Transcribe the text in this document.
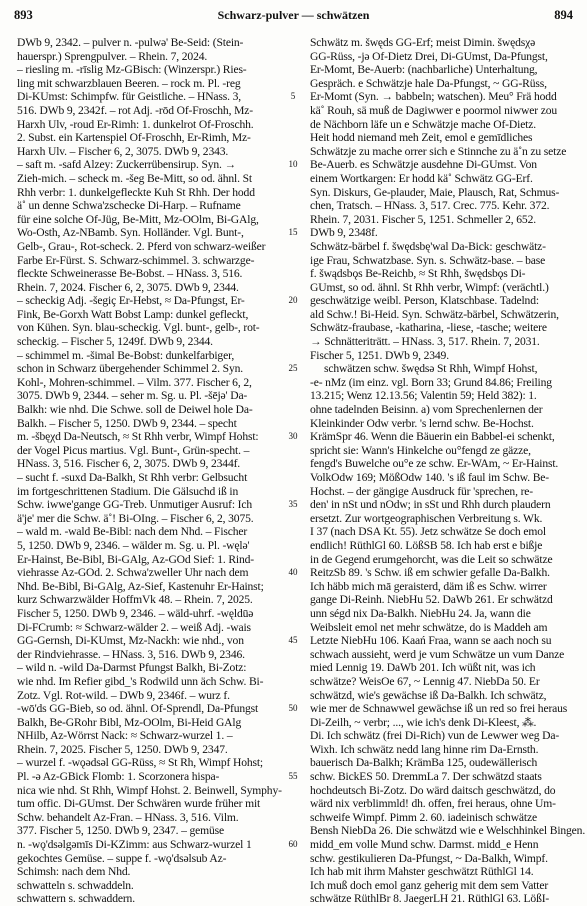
893	Schwarz-pulver — schwätzen	894
DWb 9, 2342. – pulver n. -pulwə' Be-Seid: (Stein-
hauerspr.) Sprengpulver. – Rhein. 7, 2024.
– riesling m. -rīslig Mz-GBisch: (Winzerspr.) Ries-
ling mit schwarzblauen Beeren. – rock m. Pl. -reg
Di-KUmst: Schimpfw. für Geistliche. – HNass. 3,
516. DWb 9, 2342f. – rot Adj. -rōd Of-Froschh, Mz-
Harxh Ulv, -roud Er-Rimh: 1. dunkelrot Of-Froschh.
2. Subst. ein Kartenspiel Of-Froschh, Er-Rimh, Mz-
Harxh Ulv. – Fischer 6, 2, 3075. DWb 9, 2343.
– saft m. -safd Alzey: Zuckerrübensirup. Syn. →
Zieh-mich. – scheck m. -šeg Be-Mitt, so od. ähnl. St
Rhh verbr: 1. dunkelgefleckte Kuh St Rhh. Der hodd
ä˚ un denne Schwa'zschecke Di-Harp. – Rufname
für eine solche Of-Jüg, Be-Mitt, Mz-OOlm, Bi-GAlg,
Wo-Osth, Az-NBamb. Syn. Holländer. Vgl. Bunt-,
Gelb-, Grau-, Rot-scheck. 2. Pferd von schwarz-weißer
Farbe Er-Fürst. S. Schwarz-schimmel. 3. schwarzge-
fleckte Schweinerasse Be-Bobst. – HNass. 3, 516.
Rhein. 7, 2024. Fischer 6, 2, 3075. DWb 9, 2344.
– scheckig Adj. -šegiç Er-Hebst, ≈ Da-Pfungst, Er-
Fink, Be-Gorxh Watt Bobst Lamp: dunkel gefleckt,
von Kühen. Syn. blau-scheckig. Vgl. bunt-, gelb-, rot-
scheckig. – Fischer 5, 1249f. DWb 9, 2344.
– schimmel m. -šimal Be-Bobst: dunkelfarbiger,
schon in Schwarz übergehender Schimmel 2. Syn.
Kohl-, Mohren-schimmel. – Vilm. 377. Fischer 6, 2,
3075. DWb 9, 2344. – seher m. Sg. u. Pl. -šējə' Da-
Balkh: wie nhd. Die Schwe. soll de Deiwel hole Da-
Balkh. – Fischer 5, 1250. DWb 9, 2344. – specht
m. -šbęχd Da-Neutsch, ≈ St Rhh verbr, Wimpf Hohst:
der Vogel Picus martius. Vgl. Bunt-, Grün-specht. –
HNass. 3, 516. Fischer 6, 2, 3075. DWb 9, 2344f.
– sucht f. -suxd Da-Balkh, St Rhh verbr: Gelbsucht
im fortgeschrittenen Stadium. Die Gälsuchd iß in
Schw. iwwe'gange GG-Treb. Unmutiger Ausruf: Ich
ä'je' mer die Schw. ä˚! Bi-OIng. – Fischer 6, 2, 3075.
– wald m. -wald Be-Bibl: nach dem Nhd. – Fischer
5, 1250. DWb 9, 2346. – wälder m. Sg. u. Pl. -węlə'
Er-Hainst, Be-Bibl, Bi-GAlg, Az-GOd Sief: 1. Rind-
viehrasse Az-GOd. 2. Schwa'zweller Uhr nach dem
Nhd. Be-Bibl, Bi-GAlg, Az-Sief, Kastenuhr Er-Hainst;
kurz Schwarzwälder HoffmVk 48. – Rhein. 7, 2025.
Fischer 5, 1250. DWb 9, 2346. – wäld-uhrf. -węldūə
Di-FCrumb: ≈ Schwarz-wälder 2. – weiß Adj. -wais
GG-Gernsh, Di-KUmst, Mz-Nackh: wie nhd., von
der Rindviehrasse. – HNass. 3, 516. DWb 9, 2346.
– wild n. -wild Da-Darmst Pfungst Balkh, Bi-Zotz:
wie nhd. Im Refier gibd_'s Rodwild unn äch Schw. Bi-
Zotz. Vgl. Rot-wild. – DWb 9, 2346f. – wurz f.
-wō'ds GG-Bieb, so od. ähnl. Of-Sprendl, Da-Pfungst
Balkh, Be-GRohr Bibl, Mz-OOlm, Bi-Heid GAlg
NHilb, Az-Wörrst Nack: ≈ Schwarz-wurzel 1. –
Rhein. 7, 2025. Fischer 5, 1250. DWb 9, 2347.
– wurzel f. -wǫədsəl GG-Rüss, ≈ St Rh, Wimpf Hohst;
Pl. -ə Az-GBick Flomb: 1. Scorzonera hispa-
nica wie nhd. St Rhh, Wimpf Hohst. 2. Beinwell, Symphy-
tum offic. Di-GUmst. Der Schwären wurde früher mit
Schw. behandelt Az-Fran. – HNass. 3, 516. Vilm.
377. Fischer 5, 1250. DWb 9, 2347. – gemüse
n. -wǫ'dsəlgəmīs Di-KZimm: aus Schwarz-wurzel 1
gekochtes Gemüse. – suppe f. -wǫ'dsəlsub Az-
Schimsh: nach dem Nhd.
schwatteln s. schwaddeln.
schwattern s. schwaddern.
5
10
15
20
25
30
35
40
45
50
55
60
Schwätz m. šwęds GG-Erf; meist Dimin. šwędsχə
GG-Rüss, -jə Of-Dietz Drei, Di-GUmst, Da-Pfungst,
Er-Momt, Be-Auerb: (nachbarliche) Unterhaltung,
Gespräch. e Schwätzje hale Da-Pfungst, ~ GG-Rüss,
Er-Momt (Syn. → babbeln; watschen). Meu° Frä hodd
kä˚ Rouh, sä muß de Dagiwwer e poormol niwwer zou
de Nächborn läfe un e Schwätzje mache Of-Dietz.
Heit hodd niemand meh Zeit, emol e gemīdliches
Schwätzje zu mache orrer sich e Stinnche zu ä˚n zu setze
Be-Auerb. es Schwätzje ausdehne Di-GUmst. Von
einem Wortkargen: Er hodd kä˚ Schwätz GG-Erf.
Syn. Diskurs, Ge-plauder, Maie, Plausch, Rat, Schmus-
chen, Tratsch. – HNass. 3, 517. Crec. 775. Kehr. 372.
Rhein. 7, 2031. Fischer 5, 1251. Schmeller 2, 652.
DWb 9, 2348f.
Schwätz-bärbel f. šwędsbę'wal Da-Bick: geschwätz-
ige Frau, Schwatzbase. Syn. s. Schwätz-base. – base
f. šwądsbǫs Be-Reichb, ≈ St Rhh, šwędsbǫs Di-
GUmst, so od. ähnl. St Rhh verbr, Wimpf: (verächtl.)
geschwätzige weibl. Person, Klatschbase. Tadelnd:
ald Schw.! Bi-Heid. Syn. Schwätz-bärbel, Schwätzerin,
Schwätz-fraubase, -katharina, -liese, -tasche; weitere
→ Schnätteriträtt. – HNass. 3, 517. Rhein. 7, 2031.
Fischer 5, 1251. DWb 9, 2349.
schwätzen schw. šwędsə St Rhh, Wimpf Hohst,
-e- nMz (im einz. vgl. Born 33; Grund 84.86; Freiling
13.215; Wenz 12.13.56; Valentin 59; Held 382): 1.
ohne tadelnden Beisinn. a) vom Sprechenlernen der
Kleinkinder Odw verbr. 's lernd schw. Be-Hochst.
KrämSpr 46. Wenn die Bäuerin ein Babbel-ei schenkt,
spricht sie: Wann's Hinkelche ou°fengd ze gäzze,
fengd's Buwelche ou°e ze schw. Er-WAm, ~ Er-Hainst.
VolkOdw 169; MößOdw 140. 's iß faul im Schw. Be-
Hochst. – der gängige Ausdruck für 'sprechen, re-
den' in nSt und nOdw; in sSt und Rhh durch plaudern
ersetzt. Zur wortgeographischen Verbreitung s. Wk.
I 37 (nach DSA Kt. 55). Jetz schwätze Se doch emol
endlich! RüthlGl 60. LößSB 58. Ich hab erst e bißje
in de Gegend erumgehorcht, was die Leit so schwätze
ReitzSb 89. 's Schw. iß em schwier gefalle Da-Balkh.
Ich häbb mich mā geraisterd, däm iß es Schw. wirrer
gange Di-Reinh. NiebHu 52. DaWb 261. Er schwätzd
unn ségd nix Da-Balkh. NiebHu 24. Ja, wann die
Weibsleit emol net mehr schwätze, do is Maddeh am
Letzte NiebHu 106. Kaań Fraa, wann se aach noch su
schwach aussieht, werd je vum Schwätze un vum Danze
mied Lennig 19. DaWb 201. Ich wüßt nit, was ich
schwätze? WeisOe 67, ~ Lennig 47. NiebDa 50. Er
schwätzd, wie's gewächse iß Da-Balkh. Ich schwätz,
wie mer de Schnawwel gewächse iß un red so frei heraus
Di-Zeilh, ~ verbr; ..., wie ich's denk Di-Kleest, ⁂.
Di. Ich schwätz (frei Di-Rich) vun de Lewwer weg Da-
Wixh. Ich schwätz nedd lang hinne rim Da-Ernsth.
bauerisch Da-Balkh; KrämBa 125, oudewällerisch
schw. BickES 50. DremmLa 7. Der schwätzd staats
hochdeutsch Bi-Zotz. Do wärd daitsch geschwätzd, do
wärd nix verblimmld! dh. offen, frei heraus, ohne Um-
schweife Wimpf. Pimm 2. 60. iadeinisch schwätze
Bensh NiebDa 26. Die schwätzd wie e Welschhinkel Bingen.
midd_em volle Mund schw. Darmst. midd_e Henn
schw. gestikulieren Da-Pfungst, ~ Da-Balkh, Wimpf.
Ich hab mit ihrm Mahster geschwätzt RüthlGl 14.
Ich muß doch emol ganz geherig mit dem sem Vatter
schwätze RüthlBr 8. JaegerLH 21. RüthlGl 63. LößI-
